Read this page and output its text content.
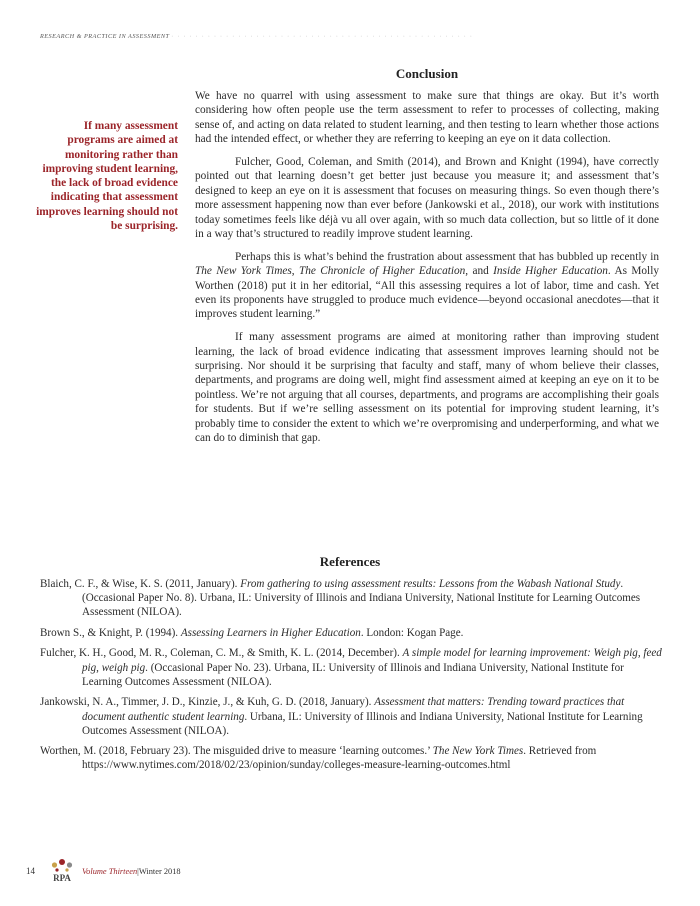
RESEARCH & PRACTICE IN ASSESSMENT · · · · · · · · · · · · · · · · · · · · · · · · · · · · · · · · · · · · · · · · · · · · · · · · · ·
Conclusion
If many assessment programs are aimed at monitoring rather than improving student learning, the lack of broad evidence indicating that assessment improves learning should not be surprising.

We have no quarrel with using assessment to make sure that things are okay. But it’s worth considering how often people use the term assessment to refer to processes of collecting, making sense of, and acting on data related to student learning, and then testing to learn whether those actions had the intended effect, or whether they are referring to keeping an eye on it data collection.

Fulcher, Good, Coleman, and Smith (2014), and Brown and Knight (1994), have correctly pointed out that learning doesn’t get better just because you measure it; and assessment that’s designed to keep an eye on it is assessment that focuses on measuring things. So even though there’s more assessment happening now than ever before (Jankowski et al., 2018), our work with institutions today sometimes feels like déjà vu all over again, with so much data collection, but so little of it done in a way that’s structured to readily improve student learning.

Perhaps this is what’s behind the frustration about assessment that has bubbled up recently in The New York Times, The Chronicle of Higher Education, and Inside Higher Education. As Molly Worthen (2018) put it in her editorial, “All this assessing requires a lot of labor, time and cash. Yet even its proponents have struggled to produce much evidence—beyond occasional anecdotes—that it improves student learning.”

If many assessment programs are aimed at monitoring rather than improving student learning, the lack of broad evidence indicating that assessment improves learning should not be surprising. Nor should it be surprising that faculty and staff, many of whom believe their classes, departments, and programs are doing well, might find assessment aimed at keeping an eye on it to be pointless. We’re not arguing that all courses, departments, and programs are accomplishing their goals for students. But if we’re selling assessment on its potential for improving student learning, it’s probably time to consider the extent to which we’re overpromising and underperforming, and what we can do to diminish that gap.

References

Blaich, C. F., & Wise, K. S. (2011, January). From gathering to using assessment results: Lessons from the Wabash National Study. (Occasional Paper No. 8). Urbana, IL: University of Illinois and Indiana University, National Institute for Learning Outcomes Assessment (NILOA).

Brown S., & Knight, P. (1994). Assessing Learners in Higher Education. London: Kogan Page.

Fulcher, K. H., Good, M. R., Coleman, C. M., & Smith, K. L. (2014, December). A simple model for learning improvement: Weigh pig, feed pig, weigh pig. (Occasional Paper No. 23). Urbana, IL: University of Illinois and Indiana University, National Institute for Learning Outcomes Assessment (NILOA).

Jankowski, N. A., Timmer, J. D., Kinzie, J., & Kuh, G. D. (2018, January). Assessment that matters: Trending toward practices that document authentic student learning. Urbana, IL: University of Illinois and Indiana University, National Institute for Learning Outcomes Assessment (NILOA).

Worthen, M. (2018, February 23). The misguided drive to measure ‘learning outcomes.’ The New York Times. Retrieved from https://www.nytimes.com/2018/02/23/opinion/sunday/colleges-measure-learning-outcomes.html

14
RPA
Volume Thirteen | Winter 2018
